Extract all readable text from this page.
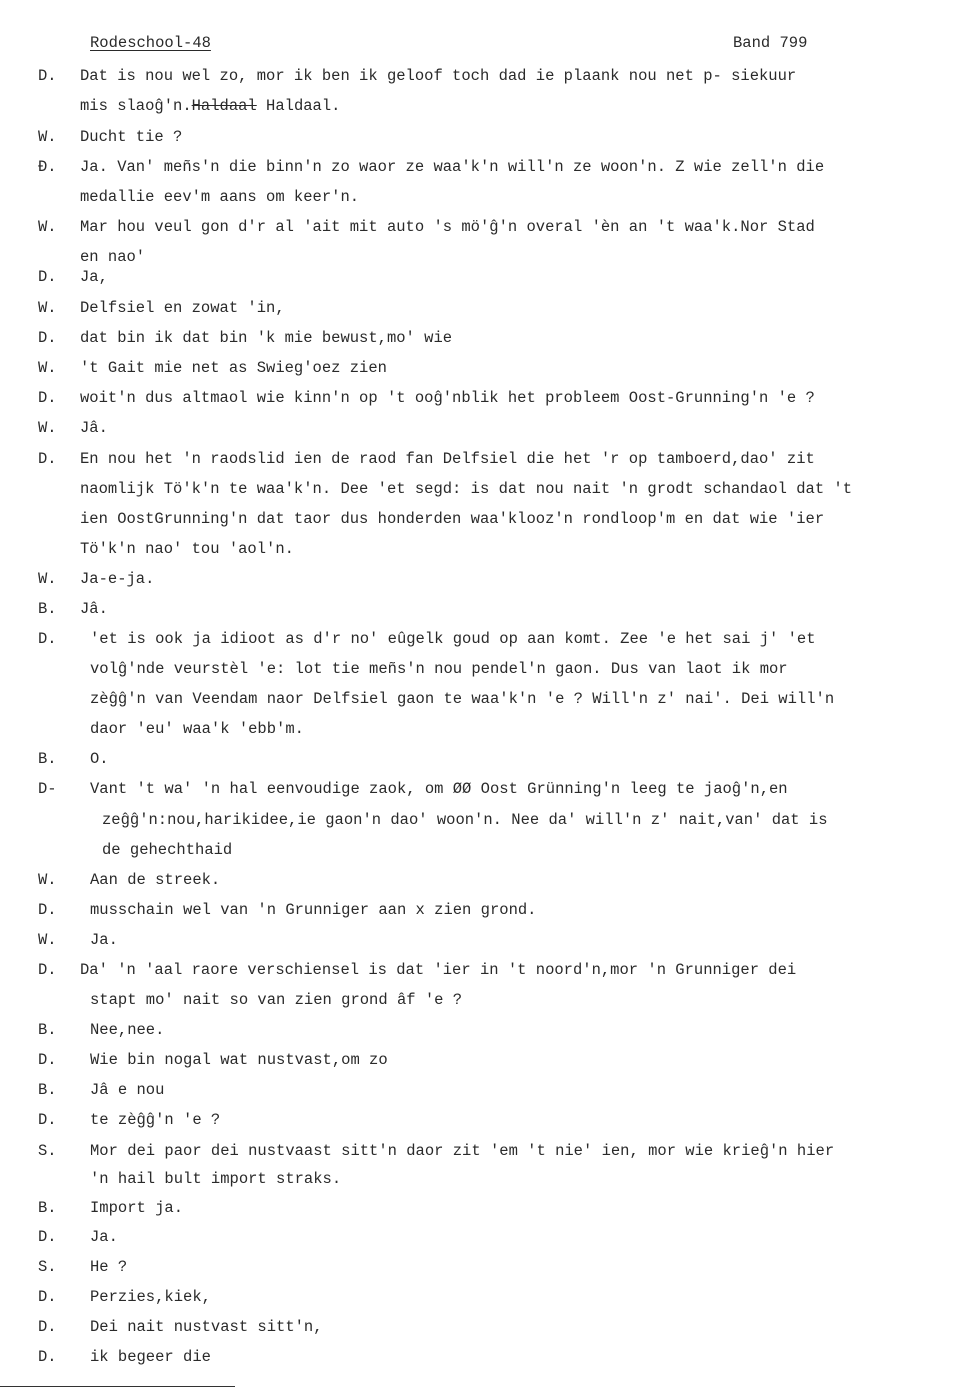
Rodeschool-48	Band 799
D. Dat is nou wel zo, mor ik ben ik geloof toch dad ie plaank nou net p- siekuur
mis slaoĝ'n.Haldaal Haldaal.
W. Ducht tie ?
Ð. Ja. Van' meñs'n die binn'n zo waor ze waa'k'n will'n ze woon'n. Z wie zell'n die
medallie eev'm aans om keer'n.
W. Mar hou veul gon d'r al 'ait mit auto 's mö'ĝ'n overal 'èn an 't waa'k.Nor Stad
en nao'
D. Ja,
W. Delfsiel en zowat 'in,
D. dat bin ik dat bin 'k mie bewust,mo' wie
W. 't Gait mie net as Swieg'oez zien
D. woit'n dus altmaol wie kinn'n op 't ooĝ'nblik het probleem Oost-Grunning'n 'e ?
W. Jâ.
D. En nou het 'n raodslid ien de raod fan Delfsiel die het 'r op tamboerd,dao' zit
naomlijk Tö'k'n te waa'k'n. Dee 'et segd: is dat nou nait 'n grodt schandaol dat 't
ien OostGrunning'n dat taor dus honderden waa'klooz'n rondloop'm en dat wie 'ier
Tö'k'n nao' tou 'aol'n.
W. Ja-e-ja.
B. Jâ.
D. 'et is ook ja idioot as d'r no' eûgelk goud op aan komt. Zee 'e het sai j' 'et
volĝ'nde veurstèl 'e: lot tie meñs'n nou pendel'n gaon. Dus van laot ik mor
zèĝĝ'n van Veendam naor Delfsiel gaon te waa'k'n 'e ? Will'n z' nai'. Dei will'n
daor 'eu' waa'k 'ebb'm.
B. O.
D- Vant 't wa' 'n hal eenvoudige zaok, om ØØ Oost Grünning'n leeg te jaoĝ'n,en
zeĝĝ'n:nou,harikidee,ie gaon'n dao' woon'n. Nee da' will'n z' nait,van' dat is
de gehechthaid
W. Aan de streek.
D. musschain wel van 'n Grunniger aan x zien grond.
W. Ja.
D. Da' 'n 'aal raore verschiensel is dat 'ier in 't noord'n,mor 'n Grunniger dei
stapt mo' nait so van zien grond âf 'e ?
B. Nee,nee.
D. Wie bin nogal wat nustvast,om zo
B. Jâ e nou
D. te zèĝĝ'n 'e ?
S. Mor dei paor dei nustvaast sitt'n daor zit 'em 't nie' ien, mor wie krieĝ'n hier
'n hail bult import straks.
B. Import ja.
D. Ja.
S. He ?
D. Perzies,kiek,
D. Dei nait nustvast sitt'n,
D. ik begeer die
